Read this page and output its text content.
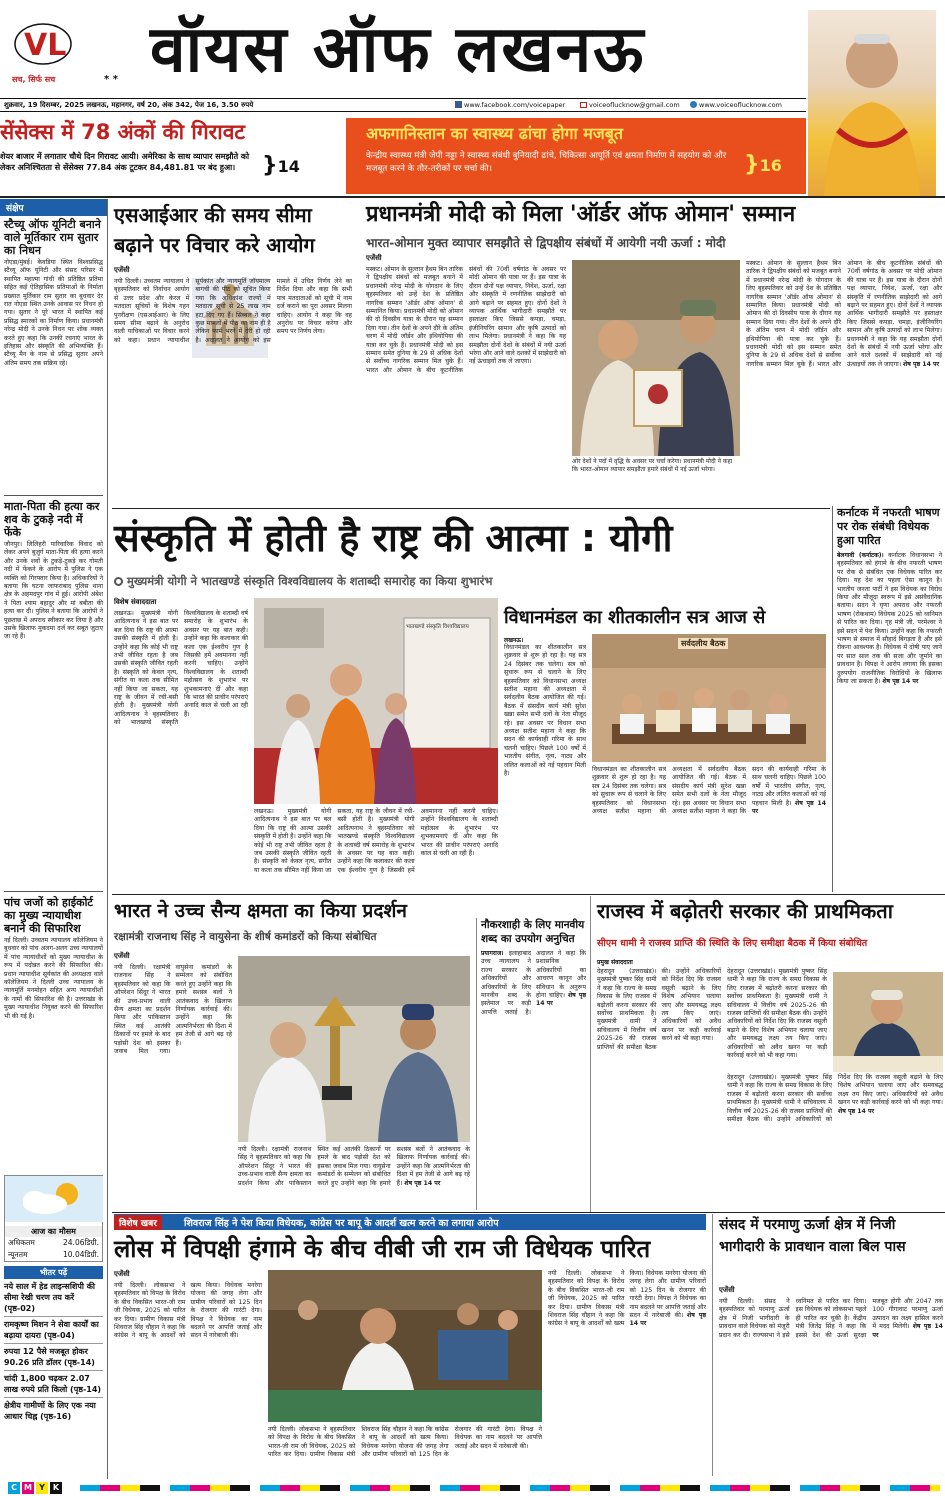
VL
सच, सिर्फ सच	* * वॉयस ऑफ लखनऊ
शुक्रवार, 19 दिसम्बर, 2025 लखनऊ, महानगर, वर्ष 20, अंक 342, पेज 16, 3.50 रुपये	www.facebook.com/voicepaper	voiceoflucknow@gmail.com	www.voiceoflucknow.com
सेंसेक्स में 78 अंकों की गिरावट
शेयर बाजार में लगातार चौथे दिन गिरावट आयी। अमेरिका के साथ व्यापार समझौते को लेकर अनिश्चितता से सेंसेक्स 77.84 अंक टूटकर 84,481.81 पर बंद हुआ।	}14
अफगानिस्तान का स्वास्थ्य ढांचा होगा मजबूत
केन्द्रीय स्वास्थ्य मंत्री जेपी नड्डा ने स्वास्थ्य संबंधी बुनियादी ढांचे, चिकित्सा आपूर्ति एवं क्षमता निर्माण में सहयोग को और मजबूत करने के तौर-तरीकों पर चर्चा की।	}16
संक्षेप
स्टैच्यू ऑफ यूनिटी बनाने वाले मूर्तिकार राम सुतार का निधन
नोएडा/मुंबई। केवडिया स्थित विश्वप्रसिद्ध स्टैच्यू ऑफ यूनिटी और संसद परिसर में स्थापित महात्मा गांधी की प्रतिष्ठित प्रतिमा सहित कई ऐतिहासिक प्रतिमाओं के निर्माता प्रख्यात मूर्तिकार राम सुतार का बुधवार देर रात नोएडा स्थित उनके आवास पर निधन हो गया। सुतार ने पूरे भारत में स्थापित कई प्रसिद्ध स्मारकों का निर्माण किया। प्रधानमंत्री नरेन्द्र मोदी ने उनके निधन पर शोक व्यक्त करते हुए कहा कि उनकी रचनाएं भारत के इतिहास और संस्कृति की अभिव्यक्ति हैं। स्टैच्यू मैन के नाम से प्रसिद्ध सुतार अपने अंतिम समय तक सक्रिय रहे।
माता-पिता की हत्या कर शव के टुकड़े नदी में फेंके
जौनपुर। लिलिहरी पारिवारिक विवाद को लेकर अपने बुजुर्ग माता-पिता की हत्या करने और उनके शवों के टुकड़े-टुकड़े कर गोमती नदी में फेंकने के आरोप में पुलिस ने एक व्यक्ति को गिरफ्तार किया है। अधिकारियों ने बताया कि घटना जाफराबाद पुलिस थाना क्षेत्र के अहमदपुर गांव में हुई। आरोपी अंबेश ने पिता श्याम बहादुर और मां बबीता की हत्या कर दी। पुलिस ने बताया कि आरोपी ने पूछताछ में अपराध स्वीकार कर लिया है और उसके खिलाफ मुकदमा दर्ज कर सबूत जुटाए जा रहे हैं।
पांच जजों को हाईकोर्ट का मुख्य न्यायाधीश बनाने की सिफारिश
नई दिल्ली। उच्चतम न्यायालय कॉलेजियम ने बुधवार को पांच अलग-अलग उच्च न्यायालयों में पांच न्यायाधीशों को मुख्य न्यायाधीश के रूप में पदोन्नत करने की सिफारिश की। प्रधान न्यायाधीश सूर्यकांत की अध्यक्षता वाले कॉलेजियम ने दिल्ली उच्च न्यायालय के न्यायमूर्ति मनमोहन सहित अन्य न्यायाधीशों के नामों की सिफारिश की है। उत्तराखंड के मुख्य न्यायाधीश नियुक्त करने की सिफारिश भी की गई है।
आज का मौसम
अधिकतम	24.06डिग्री.
न्यूनतम	10.04डिग्री.
भीतर पढ़ें
नये साल में हेड लाइन्सशिपी की सीमा रेखी चरण तय करें (पृष्ठ-02)
रामकृष्ण मिशन ने सेवा कार्यों का बढ़ाया दायरा (पृष्ठ-04)
रुपया 12 पैसे मजबूत होकर 90.26 प्रति डॉलर (पृष्ठ-14)
चांदी 1,800 चढ़कर 2.07 लाख रुपये प्रति किलो (पृष्ठ-14)
क्षेत्रीय गामीणों के लिए एक नया आधार चिह्न (पृष्ठ-16)
एसआईआर की समय सीमा बढ़ाने पर विचार करे आयोग
एजेंसी
नयी दिल्ली। उच्चतम न्यायालय ने बृहस्पतिवार को निर्वाचन आयोग से उत्तर प्रदेश और केरल में मतदाता सूचियों के विशेष गहन पुनरीक्षण (एसआईआर) के लिए समय सीमा बढ़ाने के अनुरोध वाली याचिकाओं पर विचार करने को कहा। प्रधान न्यायाधीश सूर्यकांत और न्यायमूर्ति जॉयमाल्य बागची की पीठ को सूचित किया गया कि अधिकांश राज्यों में मतदाता सूची से 25 लाख नाम हटा दिए गए हैं। सिब्बल ने कहा कुछ मामलों में पीठ का नाम ही है लेकिन फार्म भरने में देरी हो रही है। अदालत ने आयोग को इस मामले में उचित निर्णय लेने का निर्देश दिया और कहा कि सभी पात्र मतदाताओं को सूची में नाम दर्ज कराने का पूरा अवसर मिलना चाहिए। आयोग ने कहा कि वह अनुरोध पर विचार करेगा और समय पर निर्णय लेगा।
प्रधानमंत्री मोदी को मिला 'ऑर्डर ऑफ ओमान' सम्मान
भारत-ओमान मुक्त व्यापार समझौते से द्विपक्षीय संबंधों में आयेगी नयी ऊर्जा : मोदी
एजेंसी
मस्कट। ओमान के सुल्तान हैथम बिन तारिक ने द्विपक्षीय संबंधों को मजबूत बनाने में प्रधानमंत्री नरेन्द्र मोदी के योगदान के लिए बृहस्पतिवार को उन्हें देश के प्रतिष्ठित नागरिक सम्मान 'ऑर्डर ऑफ ओमान' से सम्मानित किया। प्रधानमंत्री मोदी को ओमान की दो दिवसीय यात्रा के दौरान यह सम्मान दिया गया। तीन देशों के अपने दौरे के अंतिम चरण में मोदी जॉर्डन और इथियोपिया की यात्रा कर चुके हैं। प्रधानमंत्री मोदी को इस सम्मान समेत दुनिया के 29 से अधिक देशों से सर्वोच्च नागरिक सम्मान मिल चुके हैं। भारत और ओमान के बीच कूटनीतिक संबंधों की 70वीं वर्षगांठ के अवसर पर मोदी ओमान की यात्रा पर हैं। इस यात्रा के दौरान दोनों पक्ष व्यापार, निवेश, ऊर्जा, रक्षा और संस्कृति में रणनीतिक साझेदारी को आगे बढ़ाने पर सहमत हुए। दोनों देशों ने व्यापक आर्थिक भागीदारी समझौते पर हस्ताक्षर किए जिससे कपड़ा, चमड़ा, इंजीनियरिंग सामान और कृषि उत्पादों को लाभ मिलेगा। प्रधानमंत्री ने कहा कि यह समझौता दोनों देशों के संबंधों में नयी ऊर्जा भरेगा और आने वाले दशकों में साझेदारी को नई ऊंचाइयों तक ले जाएगा।
ओर देशों ने पदों में वृद्धि के अवसर पर चर्चा करेगा। प्रधानमंत्री मोदी ने कहा कि भारत-ओमान व्यापार समझौता हमारे संबंधों में नई ऊर्जा भरेगा।
मस्कट। ओमान के सुल्तान हैथम बिन तारिक ने द्विपक्षीय संबंधों को मजबूत बनाने में प्रधानमंत्री नरेन्द्र मोदी के योगदान के लिए बृहस्पतिवार को उन्हें देश के प्रतिष्ठित नागरिक सम्मान 'ऑर्डर ऑफ ओमान' से सम्मानित किया। प्रधानमंत्री मोदी को ओमान की दो दिवसीय यात्रा के दौरान यह सम्मान दिया गया। तीन देशों के अपने दौरे के अंतिम चरण में मोदी जॉर्डन और इथियोपिया की यात्रा कर चुके हैं। प्रधानमंत्री मोदी को इस सम्मान समेत दुनिया के 29 से अधिक देशों से सर्वोच्च नागरिक सम्मान मिल चुके हैं। भारत और ओमान के बीच कूटनीतिक संबंधों की 70वीं वर्षगांठ के अवसर पर मोदी ओमान की यात्रा पर हैं। इस यात्रा के दौरान दोनों पक्ष व्यापार, निवेश, ऊर्जा, रक्षा और संस्कृति में रणनीतिक साझेदारी को आगे बढ़ाने पर सहमत हुए। दोनों देशों ने व्यापक आर्थिक भागीदारी समझौते पर हस्ताक्षर किए जिससे कपड़ा, चमड़ा, इंजीनियरिंग सामान और कृषि उत्पादों को लाभ मिलेगा। प्रधानमंत्री ने कहा कि यह समझौता दोनों देशों के संबंधों में नयी ऊर्जा भरेगा और आने वाले दशकों में साझेदारी को नई ऊंचाइयों तक ले जाएगा। शेष पृष्ठ 14 पर
संस्कृति में होती है राष्ट्र की आत्मा : योगी
मुख्यमंत्री योगी ने भातखण्डे संस्कृति विश्वविद्यालय के शताब्दी समारोह का किया शुभारंभ
विशेष संवाददाता
लखनऊ। मुख्यमंत्री योगी आदित्यनाथ ने इस बात पर बल दिया कि राष्ट्र की आत्मा उसकी संस्कृति में होती है। उन्होंने कहा कि कोई भी राष्ट्र तभी जीवित रहता है जब उसकी संस्कृति जीवित रहती है। संस्कृति को केवल नृत्य, संगीत या कला तक सीमित नहीं किया जा सकता, यह राष्ट्र के जीवन में रची-बसी होती है। मुख्यमंत्री योगी आदित्यनाथ ने बृहस्पतिवार को भातखण्डे संस्कृति विश्वविद्यालय के शताब्दी वर्ष समारोह के शुभारंभ के अवसर पर यह बात कही। उन्होंने कहा कि कलाकार की कला एक ईश्वरीय गुण है जिसकी हमें अवमानना नहीं करनी चाहिए। उन्होंने विश्वविद्यालय के शताब्दी महोत्सव के शुभारंभ पर शुभकामनाएं दीं और कहा कि भारत की प्राचीन परंपराएं अनादि काल से चली आ रही हैं।
भातखण्डे संस्कृति विश्वविद्यालय
लखनऊ। मुख्यमंत्री योगी आदित्यनाथ ने इस बात पर बल दिया कि राष्ट्र की आत्मा उसकी संस्कृति में होती है। उन्होंने कहा कि कोई भी राष्ट्र तभी जीवित रहता है जब उसकी संस्कृति जीवित रहती है। संस्कृति को केवल नृत्य, संगीत या कला तक सीमित नहीं किया जा सकता, यह राष्ट्र के जीवन में रची-बसी होती है। मुख्यमंत्री योगी आदित्यनाथ ने बृहस्पतिवार को भातखण्डे संस्कृति विश्वविद्यालय के शताब्दी वर्ष समारोह के शुभारंभ के अवसर पर यह बात कही। उन्होंने कहा कि कलाकार की कला एक ईश्वरीय गुण है जिसकी हमें अवमानना नहीं करनी चाहिए। उन्होंने विश्वविद्यालय के शताब्दी महोत्सव के शुभारंभ पर शुभकामनाएं दीं और कहा कि भारत की प्राचीन परंपराएं अनादि काल से चली आ रही हैं।
विधानमंडल का शीतकालीन सत्र आज से
लखनऊ।
विधानमंडल का शीतकालीन सत्र शुक्रवार से शुरू हो रहा है। यह सत्र 24 दिसंबर तक चलेगा। सत्र को सुचारू रूप से चलाने के लिए बृहस्पतिवार को विधानसभा अध्यक्ष सतीश महाना की अध्यक्षता में सर्वदलीय बैठक आयोजित की गई। बैठक में संसदीय कार्य मंत्री सुरेश खन्ना समेत सभी दलों के नेता मौजूद रहे। इस अवसर पर विधान सभा अध्यक्ष सतीश महाना ने कहा कि सदन की कार्यवाही गरिमा के साथ चलनी चाहिए। पिछले 100 वर्षों में भारतीय संगीत, नृत्य, नाट्य और ललित कलाओं को नई पहचान मिली है।
सर्वदलीय बैठक
विधानमंडल का शीतकालीन सत्र शुक्रवार से शुरू हो रहा है। यह सत्र 24 दिसंबर तक चलेगा। सत्र को सुचारू रूप से चलाने के लिए बृहस्पतिवार को विधानसभा अध्यक्ष सतीश महाना की अध्यक्षता में सर्वदलीय बैठक आयोजित की गई। बैठक में संसदीय कार्य मंत्री सुरेश खन्ना समेत सभी दलों के नेता मौजूद रहे। इस अवसर पर विधान सभा अध्यक्ष सतीश महाना ने कहा कि सदन की कार्यवाही गरिमा के साथ चलनी चाहिए। पिछले 100 वर्षों में भारतीय संगीत, नृत्य, नाट्य और ललित कलाओं को नई पहचान मिली है। शेष पृष्ठ 14 पर
कर्नाटक में नफरती भाषण पर रोक संबंधी विधेयक हुआ पारित
बेलगावी (कर्नाटक)। कर्नाटक विधानसभा ने बृहस्पतिवार को हंगामे के बीच नफरती भाषण पर रोक से संबंधित एक विधेयक पारित कर दिया। यह देश का पहला ऐसा कानून है। भारतीय जनता पार्टी ने इस विधेयक का विरोध किया और मौजूदा स्वरूप में इसे असंवैधानिक बताया। सदन ने घृणा अपराध और नफरती भाषण (रोकथाम) विधेयक 2025 को ध्वनिमत से पारित कर दिया। गृह मंत्री जी. परमेश्वर ने इसे सदन में पेश किया। उन्होंने कहा कि नफरती भाषण से समाज में सौहार्द बिगड़ता है और इसे रोकना आवश्यक है। विधेयक में दोषी पाए जाने पर सात साल तक की सजा और जुर्माने का प्रावधान है। विपक्ष ने आरोप लगाया कि इसका दुरुपयोग राजनीतिक विरोधियों के खिलाफ किया जा सकता है। शेष पृष्ठ 14 पर
भारत ने उच्च सैन्य क्षमता का किया प्रदर्शन
रक्षामंत्री राजनाथ सिंह ने वायुसेना के शीर्ष कमांडरों को किया संबोधित
एजेंसी
नयी दिल्ली। रक्षामंत्री राजनाथ सिंह ने बृहस्पतिवार को कहा कि ऑपरेशन सिंदूर ने भारत की उच्च-प्रभाव वाली सैन्य क्षमता का प्रदर्शन किया और पाकिस्तान स्थित कई आतंकी ठिकानों पर हमले के बाद पड़ोसी देश को इसका जवाब मिल गया। वायुसेना कमांडरों के सम्मेलन को संबोधित करते हुए उन्होंने कहा कि हमारे सशस्त्र बलों ने आतंकवाद के खिलाफ निर्णायक कार्रवाई की। उन्होंने कहा कि आत्मनिर्भरता की दिशा में हम तेजी से आगे बढ़ रहे हैं।
नयी दिल्ली। रक्षामंत्री राजनाथ सिंह ने बृहस्पतिवार को कहा कि ऑपरेशन सिंदूर ने भारत की उच्च-प्रभाव वाली सैन्य क्षमता का प्रदर्शन किया और पाकिस्तान स्थित कई आतंकी ठिकानों पर हमले के बाद पड़ोसी देश को इसका जवाब मिल गया। वायुसेना कमांडरों के सम्मेलन को संबोधित करते हुए उन्होंने कहा कि हमारे सशस्त्र बलों ने आतंकवाद के खिलाफ निर्णायक कार्रवाई की। उन्होंने कहा कि आत्मनिर्भरता की दिशा में हम तेजी से आगे बढ़ रहे हैं। शेष पृष्ठ 14 पर
नौकरशाही के लिए मानवीय शब्द का उपयोग अनुचित
प्रयागराज। इलाहाबाद उच्च न्यायालय ने राज्य सरकार के अधिकारियों और अधिकारियों के लिए मानवीय शब्द के इस्तेमाल पर कड़ी आपत्ति जताई है। अदालत ने कहा कि प्रशासनिक अधिकारियों का आचरण कानून और संविधान के अनुरूप होना चाहिए। शेष पृष्ठ 14 पर
राजस्व में बढ़ोतरी सरकार की प्राथमिकता
सीएम धामी ने राजस्व प्राप्ति की स्थिति के लिए समीक्षा बैठक में किया संबोधित
प्रमुख संवाददाता
देहरादून (उत्तराखंड)। मुख्यमंत्री पुष्कर सिंह धामी ने कहा कि राज्य के समग्र विकास के लिए राजस्व में बढ़ोतरी करना सरकार की सर्वोच्च प्राथमिकता है। मुख्यमंत्री धामी ने सचिवालय में वित्तीय वर्ष 2025-26 की राजस्व प्राप्तियों की समीक्षा बैठक की। उन्होंने अधिकारियों को निर्देश दिए कि राजस्व वसूली बढ़ाने के लिए विशेष अभियान चलाया जाए और समयबद्ध लक्ष्य तय किए जाएं। अधिकारियों को अवैध खनन पर कड़ी कार्रवाई करने को भी कहा गया।
देहरादून (उत्तराखंड)। मुख्यमंत्री पुष्कर सिंह धामी ने कहा कि राज्य के समग्र विकास के लिए राजस्व में बढ़ोतरी करना सरकार की सर्वोच्च प्राथमिकता है। मुख्यमंत्री धामी ने सचिवालय में वित्तीय वर्ष 2025-26 की राजस्व प्राप्तियों की समीक्षा बैठक की। उन्होंने अधिकारियों को निर्देश दिए कि राजस्व वसूली बढ़ाने के लिए विशेष अभियान चलाया जाए और समयबद्ध लक्ष्य तय किए जाएं। अधिकारियों को अवैध खनन पर कड़ी कार्रवाई करने को भी कहा गया।
देहरादून (उत्तराखंड)। मुख्यमंत्री पुष्कर सिंह धामी ने कहा कि राज्य के समग्र विकास के लिए राजस्व में बढ़ोतरी करना सरकार की सर्वोच्च प्राथमिकता है। मुख्यमंत्री धामी ने सचिवालय में वित्तीय वर्ष 2025-26 की राजस्व प्राप्तियों की समीक्षा बैठक की। उन्होंने अधिकारियों को निर्देश दिए कि राजस्व वसूली बढ़ाने के लिए विशेष अभियान चलाया जाए और समयबद्ध लक्ष्य तय किए जाएं। अधिकारियों को अवैध खनन पर कड़ी कार्रवाई करने को भी कहा गया। शेष पृष्ठ 14 पर
विशेष खबर	शिवराज सिंह ने पेश किया विधेयक, कांग्रेस पर बापू के आदर्श खत्म करने का लगाया आरोप
लोस में विपक्षी हंगामे के बीच वीबी जी राम जी विधेयक पारित
एजेंसी
नयी दिल्ली। लोकसभा ने बृहस्पतिवार को विपक्ष के विरोध के बीच विकसित भारत-जी राम जी विधेयक, 2025 को पारित कर दिया। ग्रामीण विकास मंत्री शिवराज सिंह चौहान ने कहा कि कांग्रेस ने बापू के आदर्शों को खत्म किया। विधेयक मनरेगा योजना की जगह लेगा और ग्रामीण परिवारों को 125 दिन के रोजगार की गारंटी देगा। विपक्ष ने विधेयक का नाम बदलने पर आपत्ति जताई और सदन में नारेबाजी की।
नयी दिल्ली। लोकसभा ने बृहस्पतिवार को विपक्ष के विरोध के बीच विकसित भारत-जी राम जी विधेयक, 2025 को पारित कर दिया। ग्रामीण विकास मंत्री शिवराज सिंह चौहान ने कहा कि कांग्रेस ने बापू के आदर्शों को खत्म किया। विधेयक मनरेगा योजना की जगह लेगा और ग्रामीण परिवारों को 125 दिन के रोजगार की गारंटी देगा। विपक्ष ने विधेयक का नाम बदलने पर आपत्ति जताई और सदन में नारेबाजी की।
नयी दिल्ली। लोकसभा ने बृहस्पतिवार को विपक्ष के विरोध के बीच विकसित भारत-जी राम जी विधेयक, 2025 को पारित कर दिया। ग्रामीण विकास मंत्री शिवराज सिंह चौहान ने कहा कि कांग्रेस ने बापू के आदर्शों को खत्म किया। विधेयक मनरेगा योजना की जगह लेगा और ग्रामीण परिवारों को 125 दिन के रोजगार की गारंटी देगा। विपक्ष ने विधेयक का नाम बदलने पर आपत्ति जताई और सदन में नारेबाजी की। शेष पृष्ठ 14 पर
संसद में परमाणु ऊर्जा क्षेत्र में निजी भागीदारी के प्रावधान वाला बिल पास
एजेंसी
नयी दिल्ली। संसद ने बृहस्पतिवार को परमाणु ऊर्जा क्षेत्र में निजी भागीदारी के प्रावधान वाले विधेयक को मंजूरी प्रदान कर दी। राज्यसभा ने इसे ध्वनिमत से पारित कर दिया। इस विधेयक को लोकसभा पहले ही पारित कर चुकी है। केंद्रीय मंत्री जितेंद्र सिंह ने कहा कि इससे देश की ऊर्जा सुरक्षा मजबूत होगी और 2047 तक 100 गीगावाट परमाणु ऊर्जा उत्पादन का लक्ष्य हासिल करने में मदद मिलेगी। शेष पृष्ठ 14 पर
C M Y	K
